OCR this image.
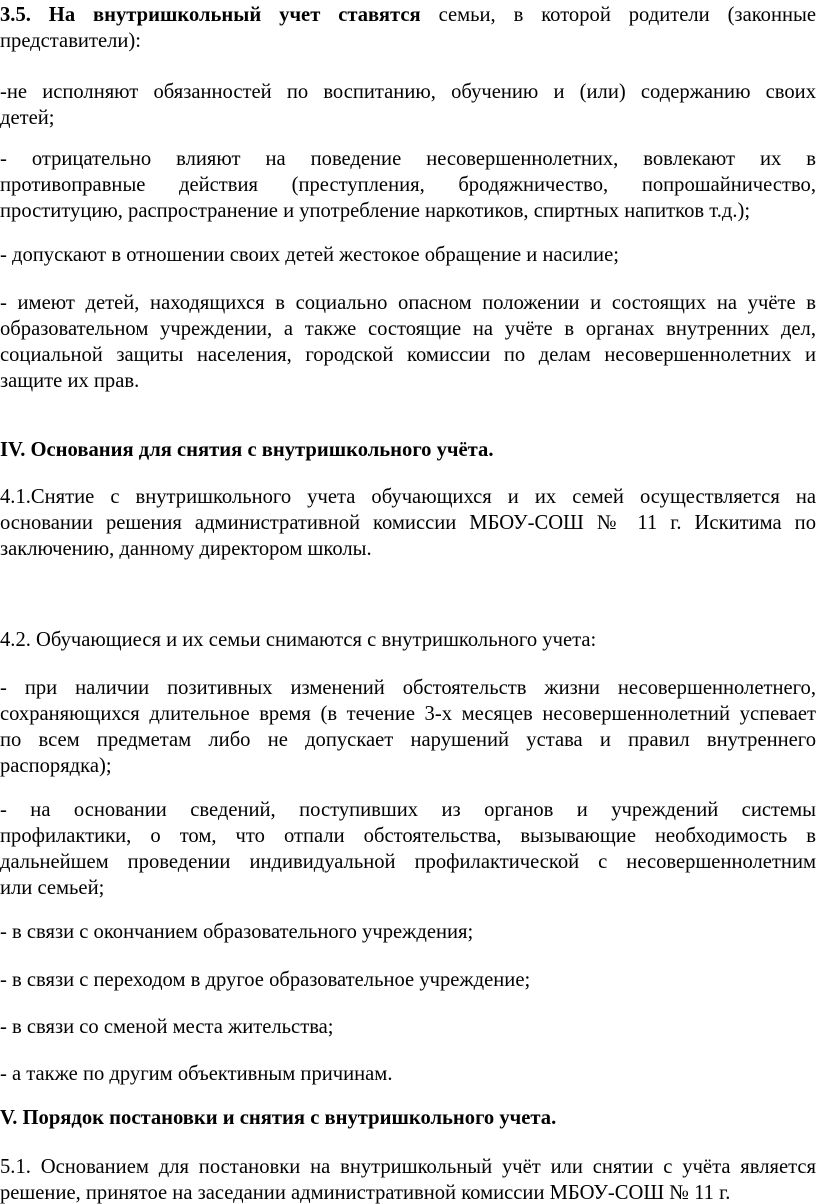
3.5. На внутришкольный учет ставятся семьи, в которой родители (законные
представители):
-не исполняют обязанностей по воспитанию, обучению и (или) содержанию своих
детей;
- отрицательно влияют на поведение несовершеннолетних, вовлекают их в
противоправные действия (преступления, бродяжничество, попрошайничество,
проституцию, распространение и употребление наркотиков, спиртных напитков т.д.);
- допускают в отношении своих детей жестокое обращение и насилие;
- имеют детей, находящихся в социально опасном положении и состоящих на учёте в
образовательном учреждении, а также состоящие на учёте в органах внутренних дел,
социальной защиты населения, городской комиссии по делам несовершеннолетних и
защите их прав.
IV. Основания для снятия с внутришкольного учёта.
4.1.Снятие с внутришкольного учета обучающихся и их семей осуществляется на
основании решения административной комиссии МБОУ-СОШ № 11 г. Искитима по
заключению, данному директором школы.
4.2. Обучающиеся и их семьи снимаются с внутришкольного учета:
- при наличии позитивных изменений обстоятельств жизни несовершеннолетнего,
сохраняющихся длительное время (в течение 3-х месяцев несовершеннолетний успевает
по всем предметам либо не допускает нарушений устава и правил внутреннего
распорядка);
- на основании сведений, поступивших из органов и учреждений системы
профилактики, о том, что отпали обстоятельства, вызывающие необходимость в
дальнейшем проведении индивидуальной профилактической с несовершеннолетним
или семьей;
- в связи с окончанием образовательного учреждения;
- в связи с переходом в другое образовательное учреждение;
- в связи со сменой места жительства;
- а также по другим объективным причинам.
V. Порядок постановки и снятия с внутришкольного учета.
5.1. Основанием для постановки на внутришкольный учёт или снятии с учёта является
решение, принятое на заседании административной комиссии МБОУ-СОШ № 11 г.
